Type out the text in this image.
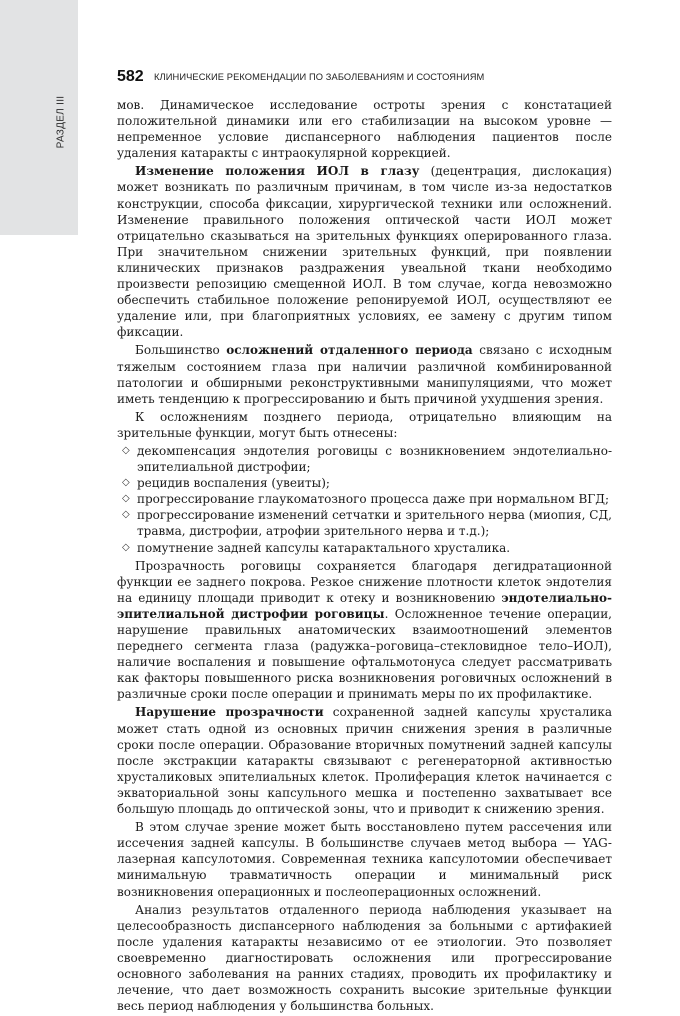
РАЗДЕЛ III
582 КЛИНИЧЕСКИЕ РЕКОМЕНДАЦИИ ПО ЗАБОЛЕВАНИЯМ И СОСТОЯНИЯМ

мов. Динамическое исследование остроты зрения с констатацией положительной динамики или его стабилизации на высоком уровне — непременное условие диспансерного наблюдения пациентов после удаления катаракты с интраокулярной коррекцией.

Изменение положения ИОЛ в глазу (децентрация, дислокация) может возникать по различным причинам, в том числе из-за недостатков конструкции, способа фиксации, хирургической техники или осложнений. Изменение правильного положения оптической части ИОЛ может отрицательно сказываться на зрительных функциях оперированного глаза. При значительном снижении зрительных функций, при появлении клинических признаков раздражения увеальной ткани необходимо произвести репозицию смещенной ИОЛ. В том случае, когда невозможно обеспечить стабильное положение репонируемой ИОЛ, осуществляют ее удаление или, при благоприятных условиях, ее замену с другим типом фиксации.

Большинство осложнений отдаленного периода связано с исходным тяжелым состоянием глаза при наличии различной комбинированной патологии и обширными реконструктивными манипуляциями, что может иметь тенденцию к прогрессированию и быть причиной ухудшения зрения.

К осложнениям позднего периода, отрицательно влияющим на зрительные функции, могут быть отнесены:

◇ декомпенсация эндотелия роговицы с возникновением эндотелиально-эпителиальной дистрофии;
◇ рецидив воспаления (увеиты);
◇ прогрессирование глаукоматозного процесса даже при нормальном ВГД;
◇ прогрессирование изменений сетчатки и зрительного нерва (миопия, СД, травма, дистрофии, атрофии зрительного нерва и т.д.);
◇ помутнение задней капсулы катарактального хрусталика.

Прозрачность роговицы сохраняется благодаря дегидратационной функции ее заднего покрова. Резкое снижение плотности клеток эндотелия на единицу площади приводит к отеку и возникновению эндотелиально-эпителиальной дистрофии роговицы. Осложненное течение операции, нарушение правильных анатомических взаимоотношений элементов переднего сегмента глаза (радужка–роговица–стекловидное тело–ИОЛ), наличие воспаления и повышение офтальмотонуса следует рассматривать как факторы повышенного риска возникновения роговичных осложнений в различные сроки после операции и принимать меры по их профилактике.

Нарушение прозрачности сохраненной задней капсулы хрусталика может стать одной из основных причин снижения зрения в различные сроки после операции. Образование вторичных помутнений задней капсулы после экстракции катаракты связывают с регенераторной активностью хрусталиковых эпителиальных клеток. Пролиферация клеток начинается с экваториальной зоны капсульного мешка и постепенно захватывает все большую площадь до оптической зоны, что и приводит к снижению зрения.

В этом случае зрение может быть восстановлено путем рассечения или иссечения задней капсулы. В большинстве случаев метод выбора — YAG-лазерная капсулотомия. Современная техника капсулотомии обеспечивает минимальную травматичность операции и минимальный риск возникновения операционных и послеоперационных осложнений.

Анализ результатов отдаленного периода наблюдения указывает на целесообразность диспансерного наблюдения за больными с артифакией после удаления катаракты независимо от ее этиологии. Это позволяет своевременно диагностировать осложнения или прогрессирование основного заболевания на ранних стадиях, проводить их профилактику и лечение, что дает возможность сохранить высокие зрительные функции весь период наблюдения у большинства больных.
